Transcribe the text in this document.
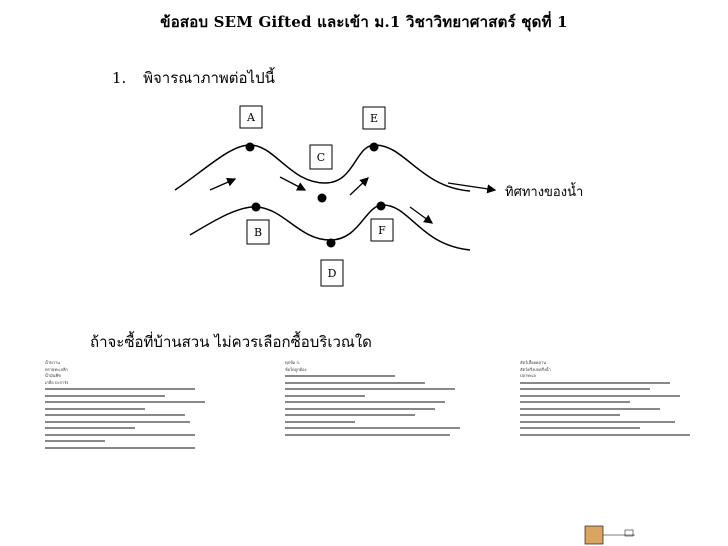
ข้อสอบ SEM Gifted และเข้า ม.1 วิชาวิทยาศาสตร์ ชุดที่ 1
1. พิจารณาภาพต่อไปนี้
A	E
C
B	F
D
ทิศทางของน้ำ
ถ้าจะซื้อที่บ้านสวน ไม่ควรเลือกซื้อบริเวณใด
น้ำหวาน
ทรายทะเลลึก
น้ำมันพืช
เกลือ ปะการัง
ทุกข้อ ก.
ข้อใดถูกต้อง
สัตว์เลื้อยคลาน
สัตว์ครึ่งบกครึ่งน้ำ
ปลาทะเล
